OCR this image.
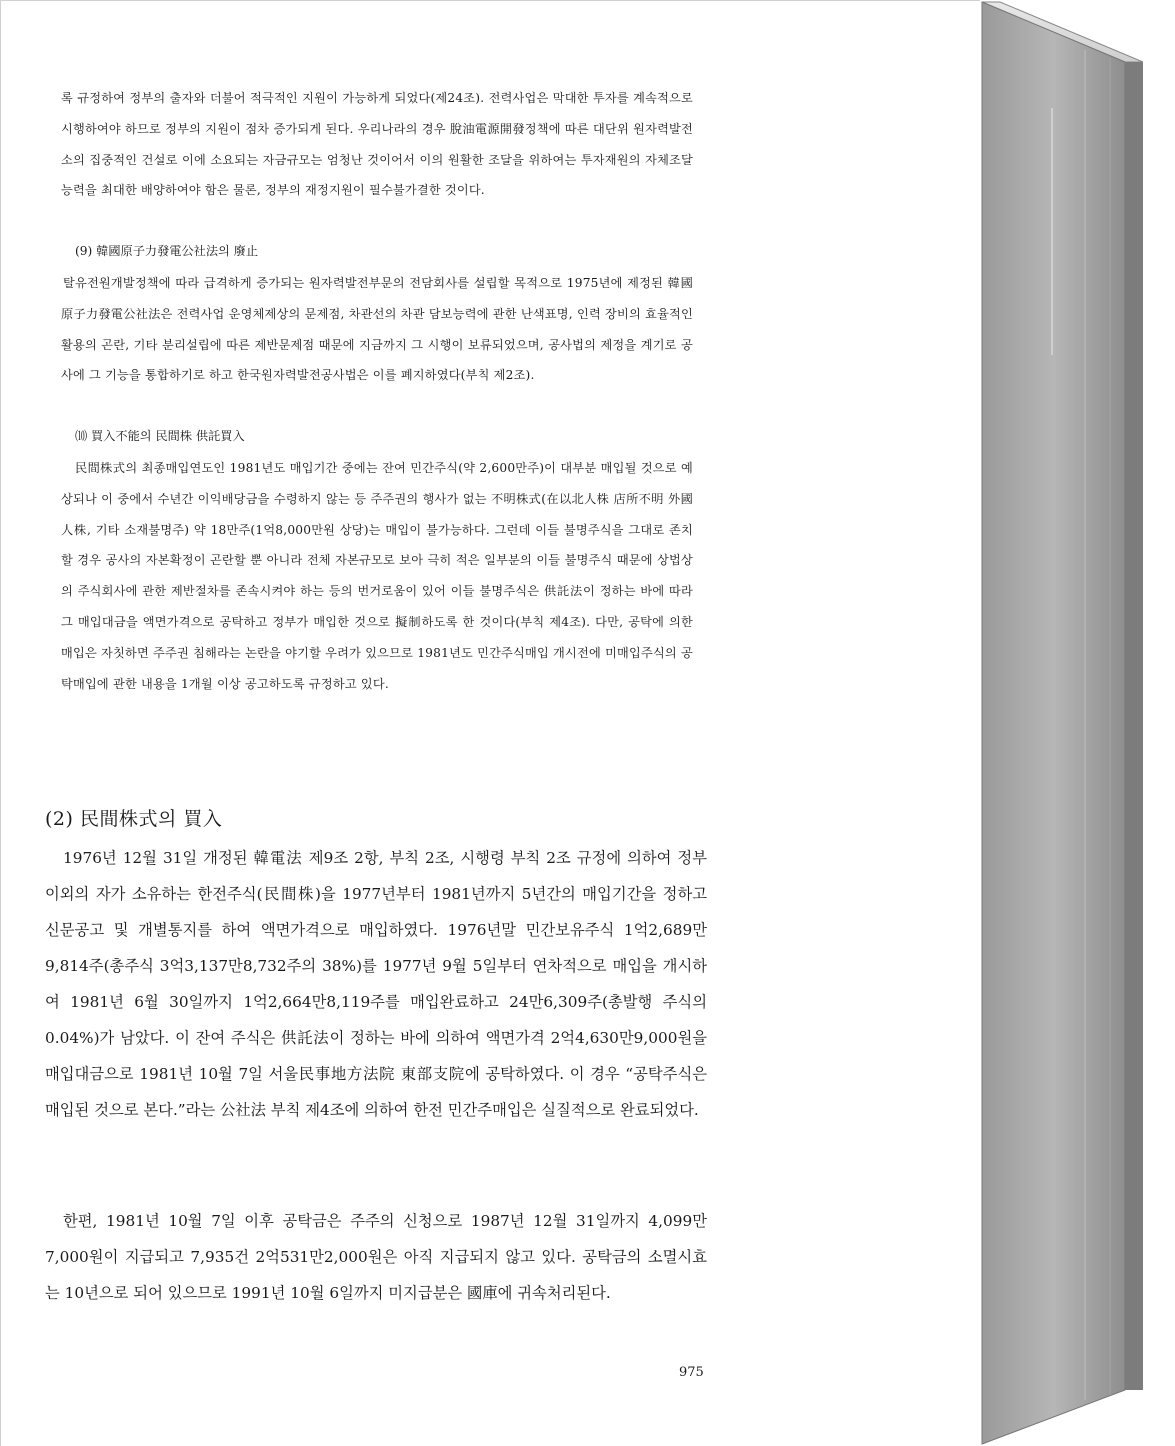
록 규정하여 정부의 출자와 더불어 적극적인 지원이 가능하게 되었다(제24조). 전력사업은 막대한 투자를 계속적으로 시행하여야 하므로 정부의 지원이 점차 증가되게 된다. 우리나라의 경우 脫油電源開發정책에 따른 대단위 원자력발전소의 집중적인 건설로 이에 소요되는 자금규모는 엄청난 것이어서 이의 원활한 조달을 위하여는 투자재원의 자체조달능력을 최대한 배양하여야 함은 물론, 정부의 재정지원이 필수불가결한 것이다.

(9) 韓國原子力發電公社法의 廢止

탈유전원개발정책에 따라 급격하게 증가되는 원자력발전부문의 전담회사를 설립할 목적으로 1975년에 제정된 韓國原子力發電公社法은 전력사업 운영체제상의 문제점, 차관선의 차관 담보능력에 관한 난색표명, 인력 장비의 효율적인 활용의 곤란, 기타 분리설립에 따른 제반문제점 때문에 지금까지 그 시행이 보류되었으며, 공사법의 제정을 계기로 공사에 그 기능을 통합하기로 하고 한국원자력발전공사법은 이를 폐지하였다(부칙 제2조).

⑽ 買入不能의 民間株 供託買入

民間株式의 최종매입연도인 1981년도 매입기간 중에는 잔여 민간주식(약 2,600만주)이 대부분 매입될 것으로 예상되나 이 중에서 수년간 이익배당금을 수령하지 않는 등 주주권의 행사가 없는 不明株式(在以北人株 店所不明 外國人株, 기타 소재불명주) 약 18만주(1억8,000만원 상당)는 매입이 불가능하다. 그런데 이들 불명주식을 그대로 존치할 경우 공사의 자본확정이 곤란할 뿐 아니라 전체 자본규모로 보아 극히 적은 일부분의 이들 불명주식 때문에 상법상의 주식회사에 관한 제반절차를 존속시켜야 하는 등의 번거로움이 있어 이들 불명주식은 供託法이 정하는 바에 따라 그 매입대금을 액면가격으로 공탁하고 정부가 매입한 것으로 擬制하도록 한 것이다(부칙 제4조). 다만, 공탁에 의한 매입은 자칫하면 주주권 침해라는 논란을 야기할 우려가 있으므로 1981년도 민간주식매입 개시전에 미매입주식의 공탁매입에 관한 내용을 1개월 이상 공고하도록 규정하고 있다.

(2) 民間株式의 買入

1976년 12월 31일 개정된 韓電法 제9조 2항, 부칙 2조, 시행령 부칙 2조 규정에 의하여 정부 이외의 자가 소유하는 한전주식(民間株)을 1977년부터 1981년까지 5년간의 매입기간을 정하고 신문공고 및 개별통지를 하여 액면가격으로 매입하였다. 1976년말 민간보유주식 1억2,689만9,814주(총주식 3억3,137만8,732주의 38%)를 1977년 9월 5일부터 연차적으로 매입을 개시하여 1981년 6월 30일까지 1억2,664만8,119주를 매입완료하고 24만6,309주(총발행 주식의 0.04%)가 남았다. 이 잔여 주식은 供託法이 정하는 바에 의하여 액면가격 2억4,630만9,000원을 매입대금으로 1981년 10월 7일 서울民事地方法院 東部支院에 공탁하였다. 이 경우 “공탁주식은 매입된 것으로 본다.”라는 公社法 부칙 제4조에 의하여 한전 민간주매입은 실질적으로 완료되었다.

한편, 1981년 10월 7일 이후 공탁금은 주주의 신청으로 1987년 12월 31일까지 4,099만7,000원이 지급되고 7,935건 2억531만2,000원은 아직 지급되지 않고 있다. 공탁금의 소멸시효는 10년으로 되어 있으므로 1991년 10월 6일까지 미지급분은 國庫에 귀속처리된다.

975
